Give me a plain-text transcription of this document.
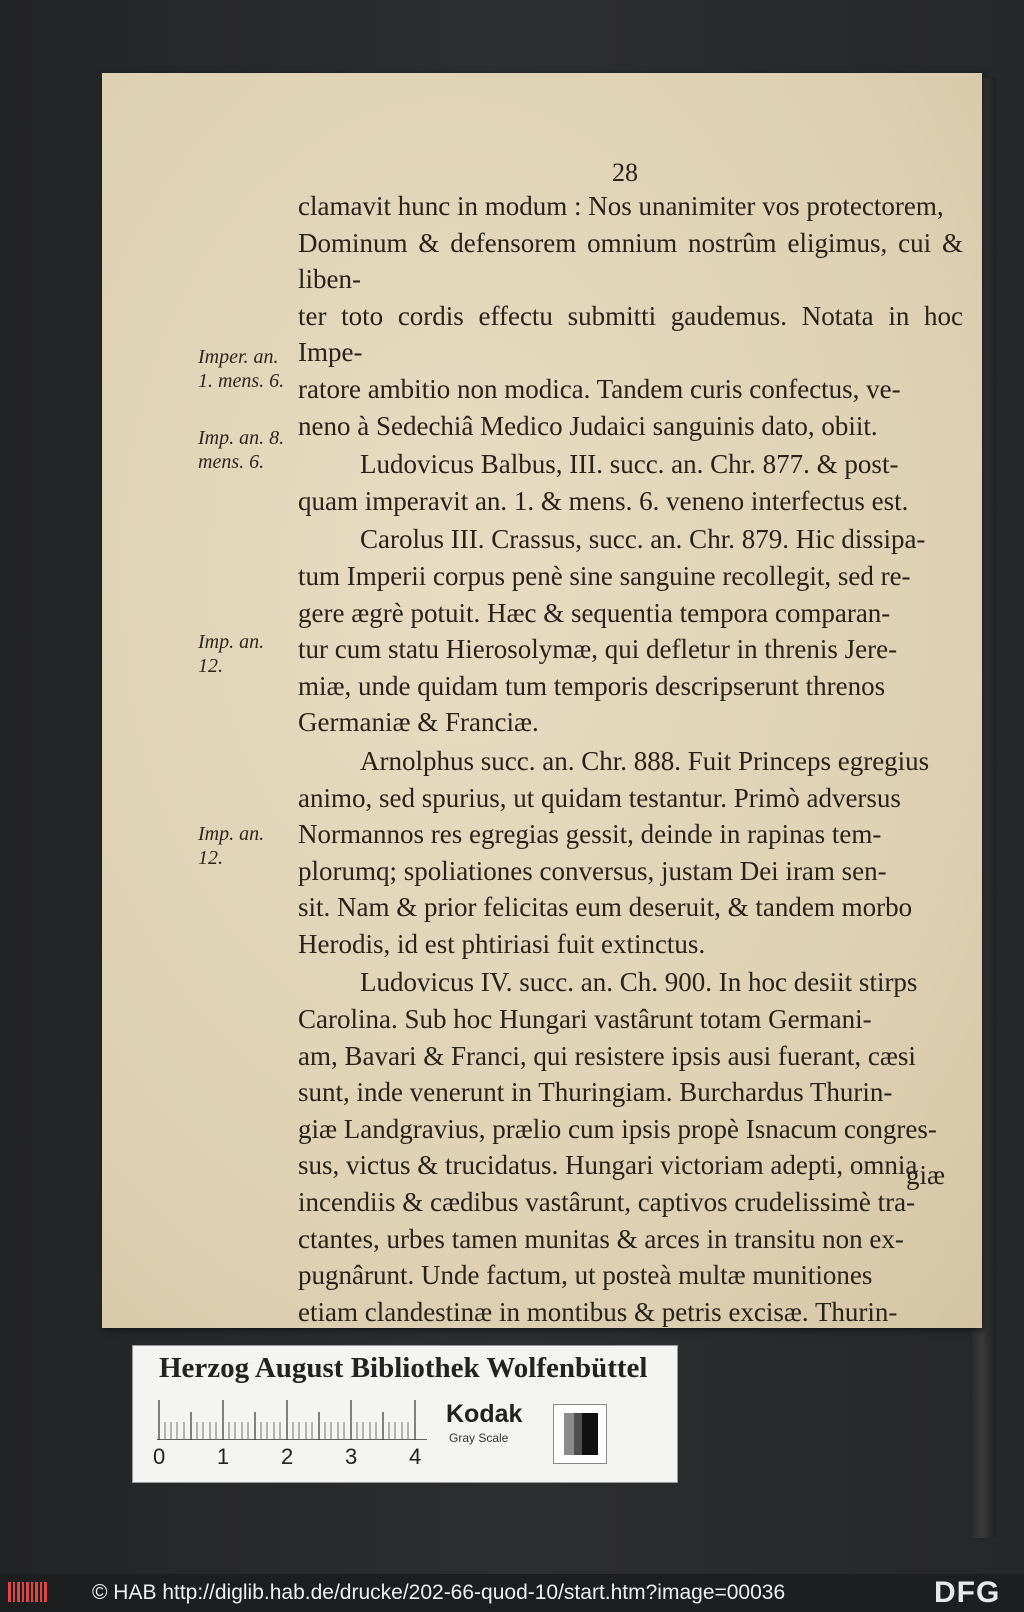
28
Imper. an. 1. mens. 6.
Imp. an. 8. mens. 6.
Imp. an. 12.
Imp. an. 12.

clamavit hunc in modum : Nos unanimiter vos protectorem,
Dominum & defensorem omnium nostrûm eligimus, cui & liben-
ter toto cordis effectu submitti gaudemus. Notata in hoc Impe-
ratore ambitio non modica. Tandem curis confectus, ve-
neno à Sedechiâ Medico Judaici sanguinis dato, obiit.

Ludovicus Balbus, III. succ. an. Chr. 877. & post-
quam imperavit an. 1. & mens. 6. veneno interfectus est.

Carolus III. Crassus, succ. an. Chr. 879. Hic dissipa-
tum Imperii corpus penè sine sanguine recollegit, sed re-
gere ægrè potuit. Hæc & sequentia tempora comparan-
tur cum statu Hierosolymæ, qui defletur in threnis Jere-
miæ, unde quidam tum temporis descripserunt threnos
Germaniæ & Franciæ.

Arnolphus succ. an. Chr. 888. Fuit Princeps egregius
animo, sed spurius, ut quidam testantur. Primò adversus
Normannos res egregias gessit, deinde in rapinas tem-
plorumq; spoliationes conversus, justam Dei iram sen-
sit. Nam & prior felicitas eum deseruit, & tandem morbo
Herodis, id est phtiriasi fuit extinctus.

Ludovicus IV. succ. an. Ch. 900. In hoc desiit stirps
Carolina. Sub hoc Hungari vastârunt totam Germani-
am, Bavari & Franci, qui resistere ipsis ausi fuerant, cæsi
sunt, inde venerunt in Thuringiam. Burchardus Thurin-
giæ Landgravius, prælio cum ipsis propè Isnacum congres-
sus, victus & trucidatus. Hungari victoriam adepti, omnia
incendiis & cædibus vastârunt, captivos crudelissimè tra-
ctantes, urbes tamen munitas & arces in transitu non ex-
pugnârunt. Unde factum, ut posteà multæ munitiones
etiam clandestinæ in montibus & petris excisæ. Thurin-

giæ
Herzog August Bibliothek Wolfenbüttel
0 1 2 3 4
Kodak
Gray Scale
© HAB http://diglib.hab.de/drucke/202-66-quod-10/start.htm?image=00036	DFG
